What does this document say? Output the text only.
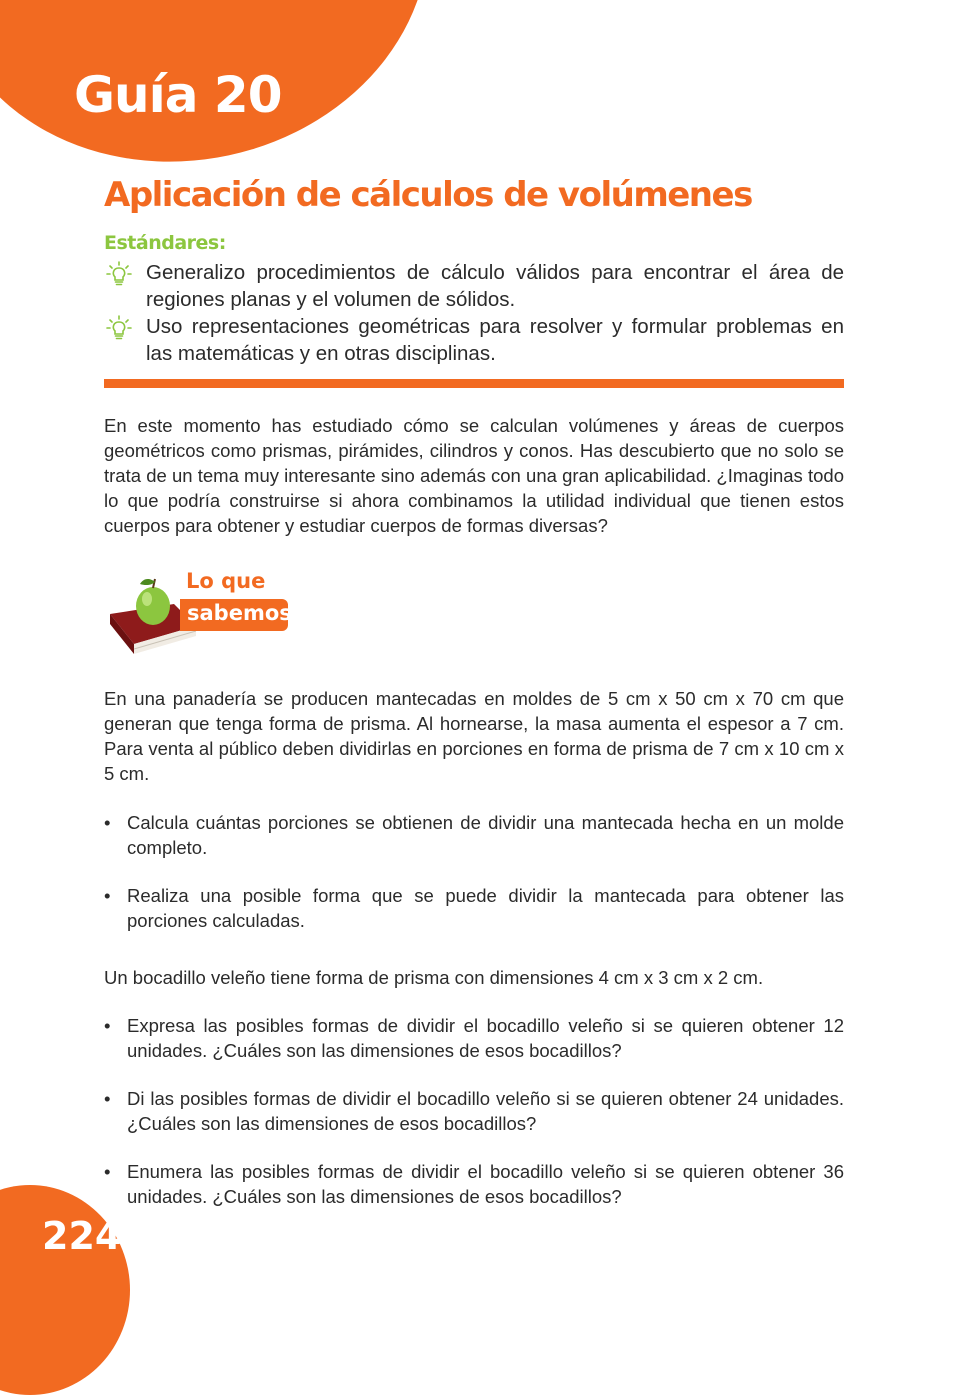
Guía 20
Aplicación de cálculos de volúmenes
Estándares:
Generalizo procedimientos de cálculo válidos para encontrar el área de regiones planas y el volumen de sólidos.
Uso representaciones geométricas para resolver y formular problemas en las matemáticas y en otras disciplinas.

En este momento has estudiado cómo se calculan volúmenes y áreas de cuerpos geométricos como prismas, pirámides, cilindros y conos. Has descubierto que no solo se trata de un tema muy interesante sino además con una gran aplicabilidad. ¿Imaginas todo lo que podría construirse si ahora combinamos la utilidad individual que tienen estos cuerpos para obtener y estudiar cuerpos de formas diversas?

Lo que
sabemos

En una panadería se producen mantecadas en moldes de 5 cm x 50 cm x 70 cm que generan que tenga forma de prisma. Al hornearse, la masa aumenta el espesor a 7 cm. Para venta al público deben dividirlas en porciones en forma de prisma de 7 cm x 10 cm x 5 cm.

• Calcula cuántas porciones se obtienen de dividir una mantecada hecha en un molde completo.
• Realiza una posible forma que se puede dividir la mantecada para obtener las porciones calculadas.

Un bocadillo veleño tiene forma de prisma con dimensiones 4 cm x 3 cm x 2 cm.

• Expresa las posibles formas de dividir el bocadillo veleño si se quieren obtener 12 unidades. ¿Cuáles son las dimensiones de esos bocadillos?
• Di las posibles formas de dividir el bocadillo veleño si se quieren obtener 24 unidades. ¿Cuáles son las dimensiones de esos bocadillos?
• Enumera las posibles formas de dividir el bocadillo veleño si se quieren obtener 36 unidades. ¿Cuáles son las dimensiones de esos bocadillos?
224
